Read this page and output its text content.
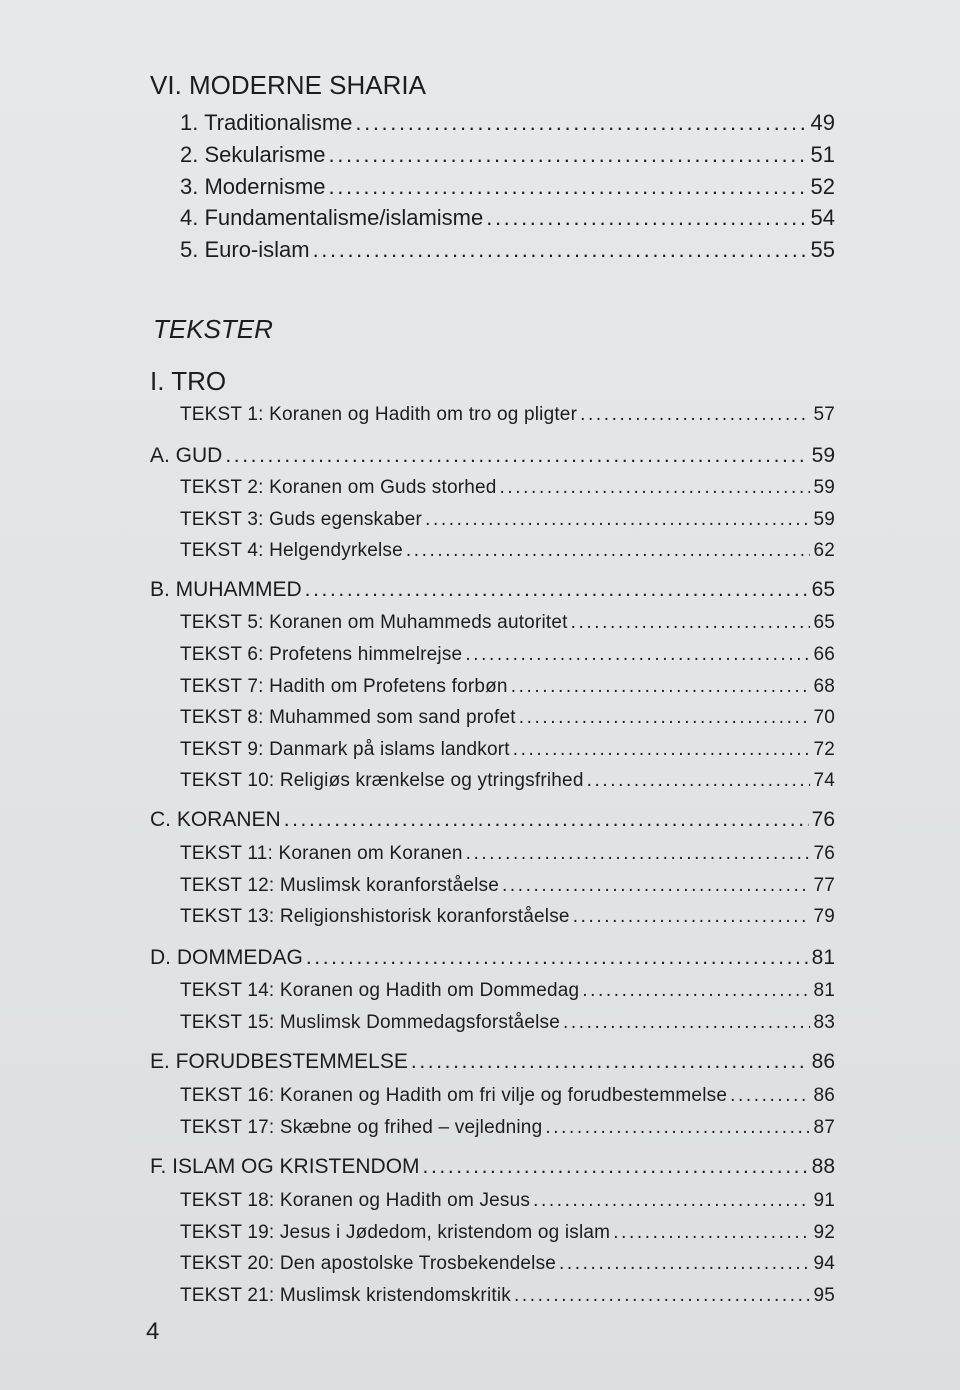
VI. MODERNE SHARIA
1. Traditionalisme .....	49
2. Sekularisme .....	51
3. Modernisme .....	52
4. Fundamentalisme/islamisme .....	54
5. Euro-islam .....	55
TEKSTER
I. TRO
TEKST 1: Koranen og Hadith om tro og pligter .....	57
A. GUD .....	59
TEKST 2: Koranen om Guds storhed .....	59
TEKST 3: Guds egenskaber .....	59
TEKST 4: Helgendyrkelse .....	62
B. MUHAMMED .....	65
TEKST 5: Koranen om Muhammeds autoritet .....	65
TEKST 6: Profetens himmelrejse .....	66
TEKST 7: Hadith om Profetens forbøn .....	68
TEKST 8: Muhammed som sand profet .....	70
TEKST 9: Danmark på islams landkort .....	72
TEKST 10: Religiøs krænkelse og ytringsfrihed .....	74
C. KORANEN .....	76
TEKST 11: Koranen om Koranen .....	76
TEKST 12: Muslimsk koranforståelse .....	77
TEKST 13: Religionshistorisk koranforståelse .....	79
D. DOMMEDAG .....	81
TEKST 14: Koranen og Hadith om Dommedag .....	81
TEKST 15: Muslimsk Dommedagsforståelse .....	83
E. FORUDBESTEMMELSE .....	86
TEKST 16: Koranen og Hadith om fri vilje og forudbestemmelse .....	86
TEKST 17: Skæbne og frihed – vejledning .....	87
F. ISLAM OG KRISTENDOM .....	88
TEKST 18: Koranen og Hadith om Jesus .....	91
TEKST 19: Jesus i Jødedom, kristendom og islam .....	92
TEKST 20: Den apostolske Trosbekendelse .....	94
TEKST 21: Muslimsk kristendomskritik .....	95
4
